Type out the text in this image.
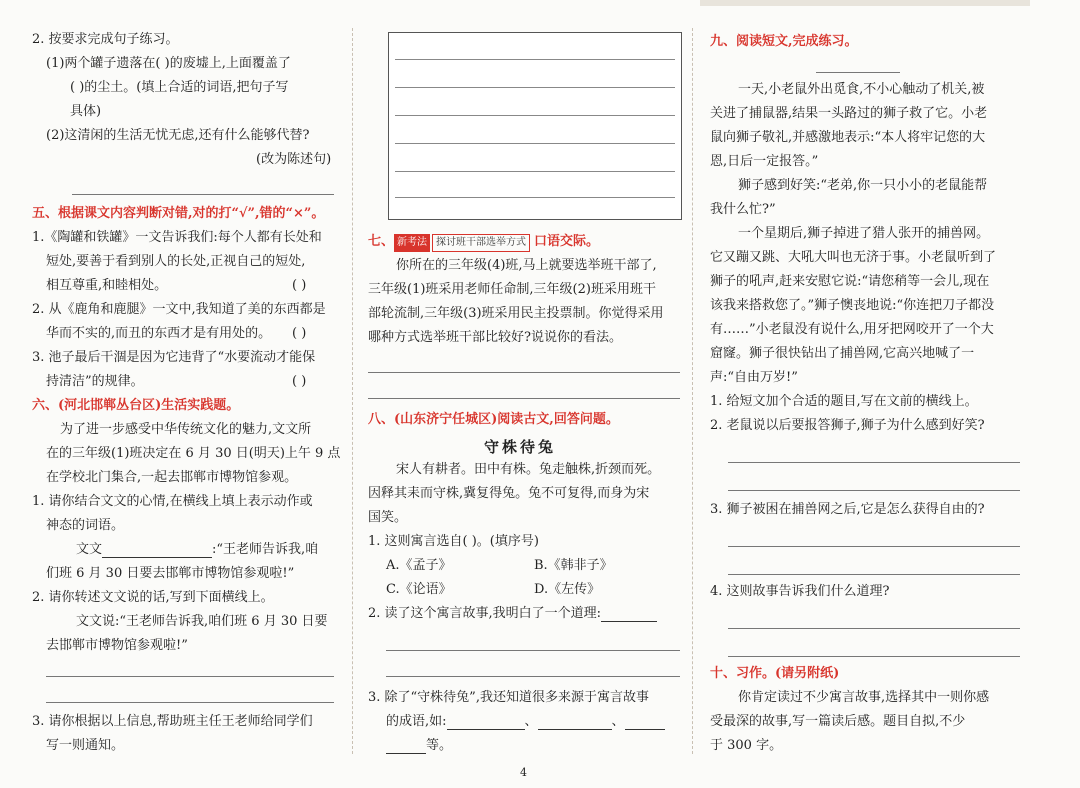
2. 按要求完成句子练习。
(1)两个罐子遗落在( )的废墟上,上面覆盖了
( )的尘土。(填上合适的词语,把句子写
具体)
(2)这清闲的生活无忧无虑,还有什么能够代替?
(改为陈述句)
五、根据课文内容判断对错,对的打“√”,错的“×”。
1.《陶罐和铁罐》一文告诉我们:每个人都有长处和
短处,要善于看到别人的长处,正视自己的短处,
相互尊重,和睦相处。	( )
2. 从《鹿角和鹿腿》一文中,我知道了美的东西都是
华而不实的,而丑的东西才是有用处的。 ( )
3. 池子最后干涸是因为它违背了“水要流动才能保
持清洁”的规律。	( )
六、(河北邯郸丛台区)生活实践题。
为了进一步感受中华传统文化的魅力,文文所
在的三年级(1)班决定在 6 月 30 日(明天)上午 9 点
在学校北门集合,一起去邯郸市博物馆参观。
1. 请你结合文文的心情,在横线上填上表示动作或
神态的词语。
文文	:“王老师告诉我,咱
们班 6 月 30 日要去邯郸市博物馆参观啦!”
2. 请你转述文文说的话,写到下面横线上。
文文说:“王老师告诉我,咱们班 6 月 30 日要
去邯郸市博物馆参观啦!”
3. 请你根据以上信息,帮助班主任王老师给同学们
写一则通知。
七、 新考法 探讨班干部选举方式 口语交际。
你所在的三年级(4)班,马上就要选举班干部了,
三年级(1)班采用老师任命制,三年级(2)班采用班干
部轮流制,三年级(3)班采用民主投票制。你觉得采用
哪种方式选举班干部比较好?说说你的看法。
八、(山东济宁任城区)阅读古文,回答问题。
守株待兔
宋人有耕者。田中有株。兔走触株,折颈而死。
因释其耒而守株,冀复得兔。兔不可复得,而身为宋
国笑。
1. 这则寓言选自( )。(填序号)
A.《孟子》	B.《韩非子》
C.《论语》	D.《左传》
2. 读了这个寓言故事,我明白了一个道理:
3. 除了“守株待兔”,我还知道很多来源于寓言故事
的成语,如:	、	、
等。
九、阅读短文,完成练习。
一天,小老鼠外出觅食,不小心触动了机关,被
关进了捕鼠器,结果一头路过的狮子救了它。小老
鼠向狮子敬礼,并感激地表示:“本人将牢记您的大
恩,日后一定报答。”
狮子感到好笑:“老弟,你一只小小的老鼠能帮
我什么忙?”
一个星期后,狮子掉进了猎人张开的捕兽网。
它又蹦又跳、大吼大叫也无济于事。小老鼠听到了
狮子的吼声,赶来安慰它说:“请您稍等一会儿,现在
该我来搭救您了。”狮子懊丧地说:“你连把刀子都没
有……”小老鼠没有说什么,用牙把网咬开了一个大
窟窿。狮子很快钻出了捕兽网,它高兴地喊了一
声:“自由万岁!”
1. 给短文加个合适的题目,写在文前的横线上。
2. 老鼠说以后要报答狮子,狮子为什么感到好笑?
3. 狮子被困在捕兽网之后,它是怎么获得自由的?
4. 这则故事告诉我们什么道理?
十、习作。(请另附纸)
你肯定读过不少寓言故事,选择其中一则你感
受最深的故事,写一篇读后感。题目自拟,不少
于 300 字。
4
